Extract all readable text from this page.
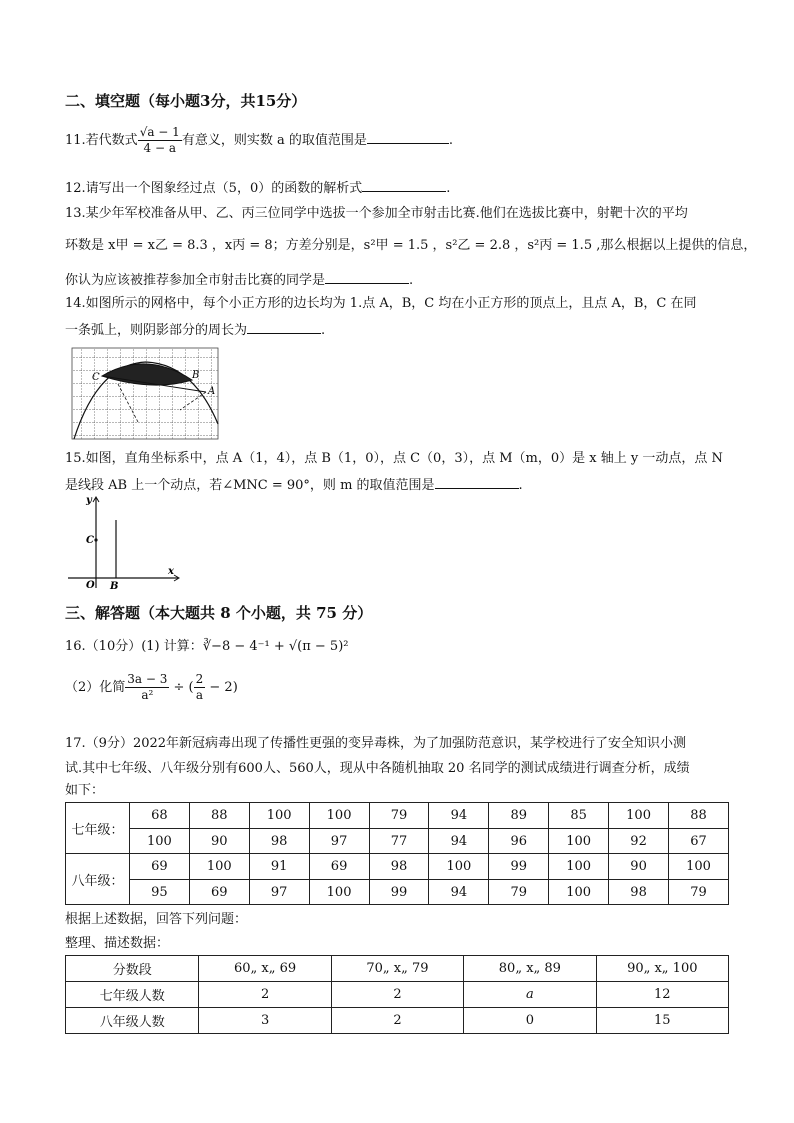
二、填空题（每小题3分，共15分）
11.若代数式 $\frac{√a - 1}{4 - a}$ 有意义，则实数 a 的取值范围是	.
12.请写出一个图象经过点（5，0）的函数的解析式	.
13.某少年军校准备从甲、乙、丙三位同学中选拔一个参加全市射击比赛.他们在选拔比赛中，射靶十次的平均
环数是 x甲 = x乙 = 8.3 ，x丙 = 8；方差分别是，s²甲 = 1.5 ，s²乙 = 2.8 ，s²丙 = 1.5 ,那么根据以上提供的信息，
你认为应该被推荐参加全市射击比赛的同学是	.
14.如图所示的网格中，每个小正方形的边长均为 1.点 A，B，C 均在小正方形的顶点上，且点 A，B，C 在同
一条弧上，则阴影部分的周长为	.
C	B
A
15.如图，直角坐标系中，点 A（1，4），点 B（1，0），点 C（0，3），点 M（m，0）是 x 轴上 y 一动点，点 N
是线段 AB 上一个动点，若∠MNC = 90°，则 m 的取值范围是	.
y
x
O B
C
三、解答题（本大题共 8 个小题，共 75 分）
16.（10分）(1) 计算：∛−8 − 4⁻¹ + √(π − 5)²
（2）化简 $\frac{3a - 3}{\text{a²}}$ ÷ ( $\frac{2}{a} - 2$)
17.（9分）2022年新冠病毒出现了传播性更强的变异毒株，为了加强防范意识，某学校进行了安全知识小测
试.其中七年级、八年级分别有600人、560人，现从中各随机抽取 20 名同学的测试成绩进行调查分析，成绩
如下：
七年级：	68	88	100	100	79	94	89	85	100	88
	100	90	98	97	77	94	96	100	92	67
八年级：	69	100	91	69	98	100	99	100	90	100
	95	69	97	100	99	94	79	100	98	79
根据上述数据，回答下列问题：
整理、描述数据：
分数段	60„ x„ 69	70„ x„ 79	80„ x„ 89	90„ x„ 100
七年级人数	2	2	a	12
八年级人数	3	2	0	15
